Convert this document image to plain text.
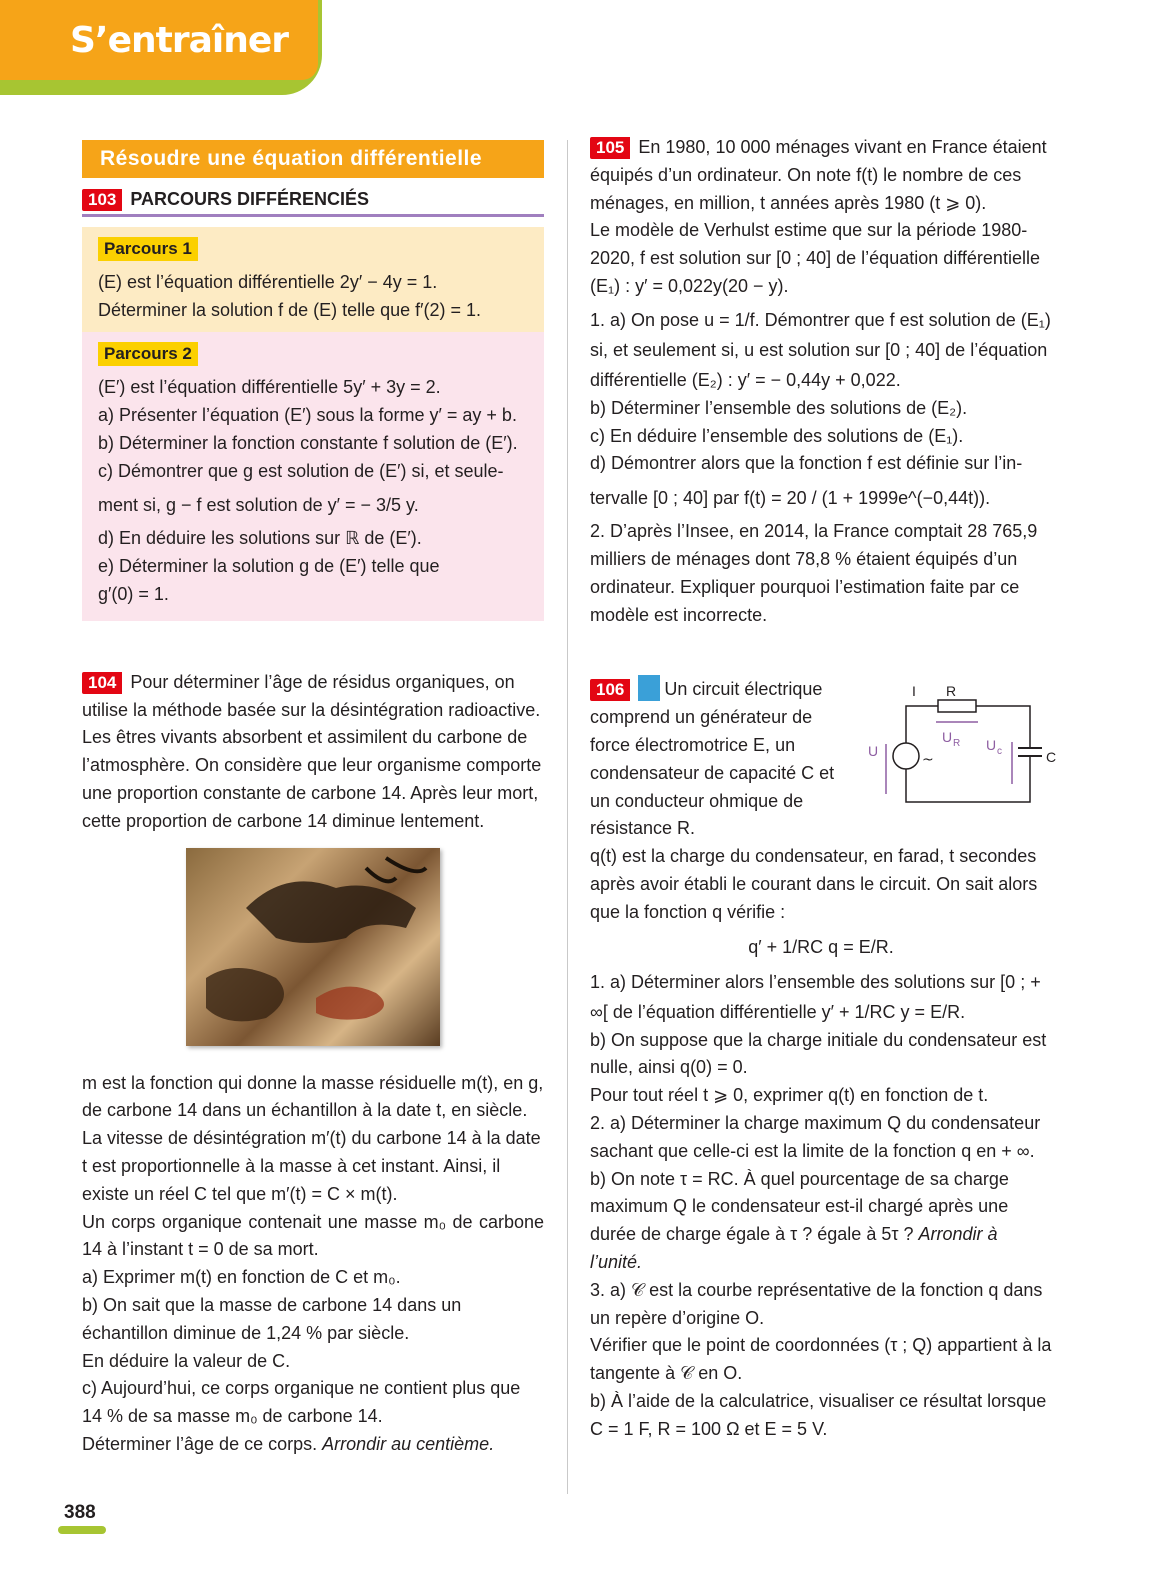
S’entraîner
Résoudre une équation différentielle
103 PARCOURS DIFFÉRENCIÉS
Parcours 1

(E) est l’équation différentielle 2y′ − 4y = 1.

Déterminer la solution f de (E) telle que f′(2) = 1.

Parcours 2

(E′) est l’équation différentielle 5y′ + 3y = 2.

a) Présenter l’équation (E′) sous la forme y′ = ay + b.

b) Déterminer la fonction constante f solution de (E′).

c) Démontrer que g est solution de (E′) si, et seule-

ment si, g − f est solution de y′ = − 3/5 y.

d) En déduire les solutions sur ℝ de (E′).

e) Déterminer la solution g de (E′) telle que

g′(0) = 1.

104 Pour déterminer l’âge de résidus organiques, on utilise la méthode basée sur la désintégration radioactive. Les êtres vivants absorbent et assimilent du carbone de l’atmosphère. On considère que leur organisme comporte une proportion constante de carbone 14. Après leur mort, cette proportion de carbone 14 diminue lentement.

m est la fonction qui donne la masse résiduelle m(t), en g, de carbone 14 dans un échantillon à la date t, en siècle. La vitesse de désintégration m′(t) du carbone 14 à la date t est proportionnelle à la masse à cet instant. Ainsi, il existe un réel C tel que m′(t) = C × m(t).

Un corps organique contenait une masse m₀ de carbone 14 à l’instant t = 0 de sa mort.

a) Exprimer m(t) en fonction de C et m₀.

b) On sait que la masse de carbone 14 dans un échantillon diminue de 1,24 % par siècle.

En déduire la valeur de C.

c) Aujourd’hui, ce corps organique ne contient plus que 14 % de sa masse m₀ de carbone 14.

Déterminer l’âge de ce corps. Arrondir au centième.

105 En 1980, 10 000 ménages vivant en France étaient équipés d’un ordinateur. On note f(t) le nombre de ces ménages, en million, t années après 1980 (t ⩾ 0).

Le modèle de Verhulst estime que sur la période 1980-2020, f est solution sur [0 ; 40] de l’équation différentielle (E₁) : y′ = 0,022y(20 − y).

1. a) On pose u = 1/f. Démontrer que f est solution de (E₁) si, et seulement si, u est solution sur [0 ; 40] de l’équation différentielle (E₂) : y′ = − 0,44y + 0,022.

b) Déterminer l’ensemble des solutions de (E₂).

c) En déduire l’ensemble des solutions de (E₁).

d) Démontrer alors que la fonction f est définie sur l’in-

tervalle [0 ; 40] par f(t) = 20 / (1 + 1999e^(−0,44t)).

2. D’après l’Insee, en 2014, la France comptait 28 765,9 milliers de ménages dont 78,8 % étaient équipés d’un ordinateur. Expliquer pourquoi l’estimation faite par ce modèle est incorrecte.

106 Un circuit électrique comprend un générateur de force électromotrice E, un condensateur de capacité C et un conducteur ohmique de résistance R.

q(t) est la charge du condensateur, en farad, t secondes après avoir établi le courant dans le circuit. On sait alors que la fonction q vérifie :

q′ + 1/RC q = E/R.

1. a) Déterminer alors l’ensemble des solutions sur [0 ; + ∞[ de l’équation différentielle y′ + 1/RC y = E/R.

b) On suppose que la charge initiale du condensateur est nulle, ainsi q(0) = 0.

Pour tout réel t ⩾ 0, exprimer q(t) en fonction de t.

2. a) Déterminer la charge maximum Q du condensateur sachant que celle-ci est la limite de la fonction q en + ∞.

b) On note τ = RC. À quel pourcentage de sa charge maximum Q le condensateur est-il chargé après une durée de charge égale à τ ? égale à 5τ ? Arrondir à l’unité.

3. a) 𝒞 est la courbe représentative de la fonction q dans un repère d’origine O.

Vérifier que le point de coordonnées (τ ; Q) appartient à la tangente à 𝒞 en O.

b) À l’aide de la calculatrice, visualiser ce résultat lorsque C = 1 F, R = 100 Ω et E = 5 V.

I R
U R U c
U	C
~
388
